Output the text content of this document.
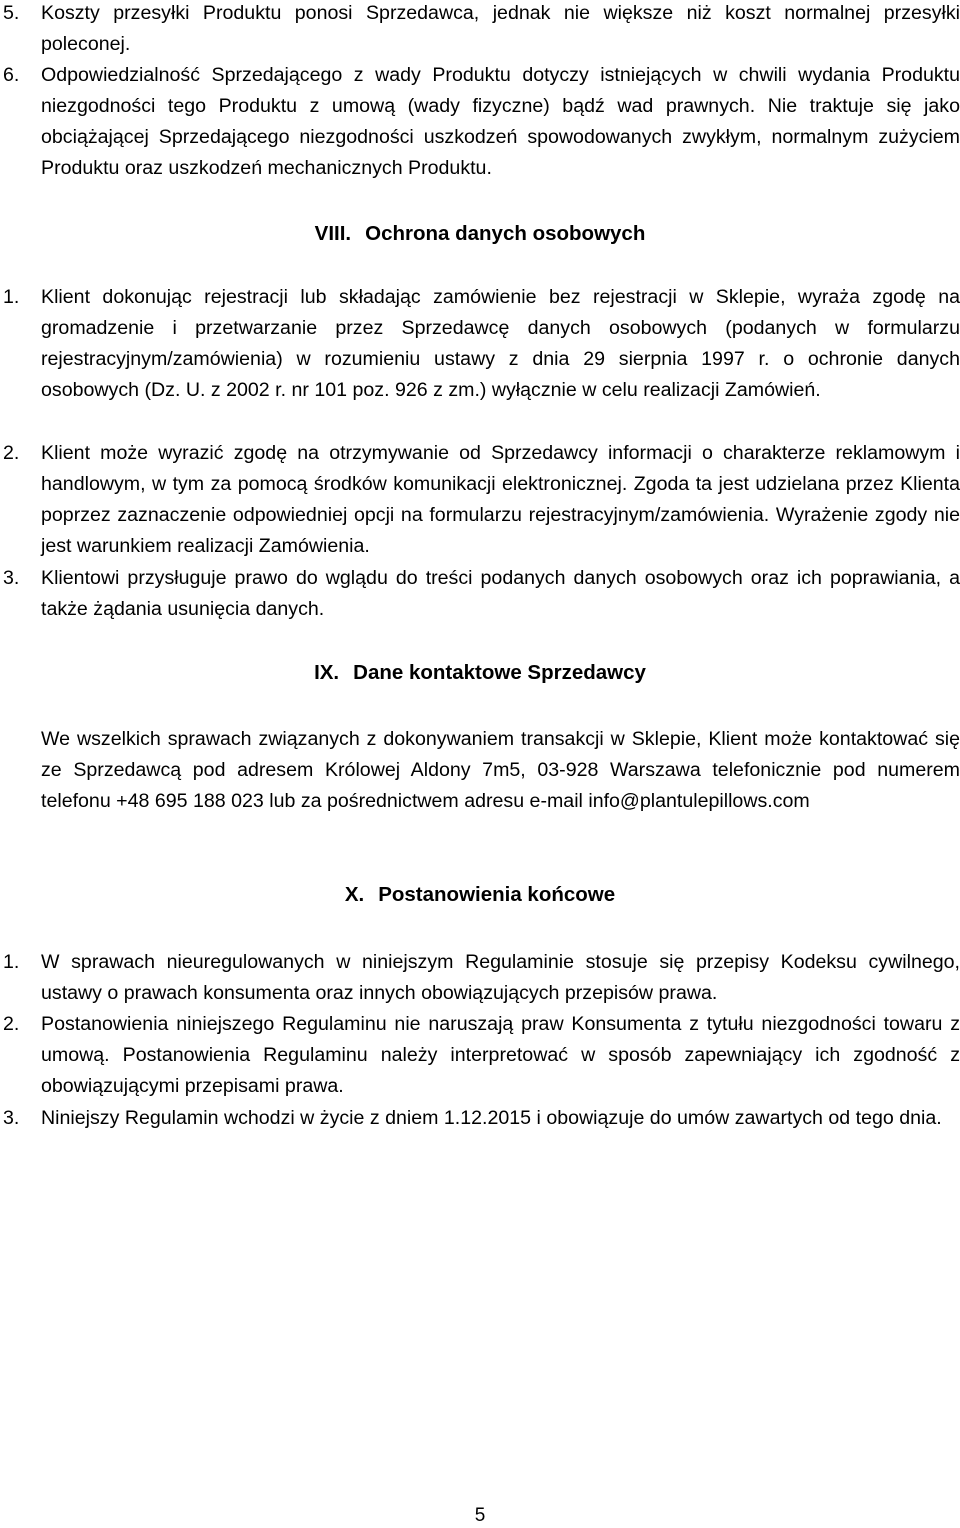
5. Koszty przesyłki Produktu ponosi Sprzedawca, jednak nie większe niż koszt normalnej przesyłki poleconej.
6. Odpowiedzialność Sprzedającego z wady Produktu dotyczy istniejących w chwili wydania Produktu niezgodności tego Produktu z umową (wady fizyczne) bądź wad prawnych. Nie traktuje się jako obciążającej Sprzedającego niezgodności uszkodzeń spowodowanych zwykłym, normalnym zużyciem Produktu oraz uszkodzeń mechanicznych Produktu.
VIII. Ochrona danych osobowych
1. Klient dokonując rejestracji lub składając zamówienie bez rejestracji w Sklepie, wyraża zgodę na gromadzenie i przetwarzanie przez Sprzedawcę danych osobowych (podanych w formularzu rejestracyjnym/zamówienia) w rozumieniu ustawy z dnia 29 sierpnia 1997 r. o ochronie danych osobowych (Dz. U. z 2002 r. nr 101 poz. 926 z zm.) wyłącznie w celu realizacji Zamówień.
2. Klient może wyrazić zgodę na otrzymywanie od Sprzedawcy informacji o charakterze reklamowym i handlowym, w tym za pomocą środków komunikacji elektronicznej. Zgoda ta jest udzielana przez Klienta poprzez zaznaczenie odpowiedniej opcji na formularzu rejestracyjnym/zamówienia. Wyrażenie zgody nie jest warunkiem realizacji Zamówienia.
3. Klientowi przysługuje prawo do wglądu do treści podanych danych osobowych oraz ich poprawiania, a także żądania usunięcia danych.
IX. Dane kontaktowe Sprzedawcy
We wszelkich sprawach związanych z dokonywaniem transakcji w Sklepie, Klient może kontaktować się ze Sprzedawcą pod adresem Królowej Aldony 7m5, 03-928 Warszawa telefonicznie pod numerem telefonu +48 695 188 023 lub za pośrednictwem adresu e-mail info@plantulepillows.com
X. Postanowienia końcowe
1. W sprawach nieuregulowanych w niniejszym Regulaminie stosuje się przepisy Kodeksu cywilnego, ustawy o prawach konsumenta oraz innych obowiązujących przepisów prawa.
2. Postanowienia niniejszego Regulaminu nie naruszają praw Konsumenta z tytułu niezgodności towaru z umową. Postanowienia Regulaminu należy interpretować w sposób zapewniający ich zgodność z obowiązującymi przepisami prawa.
3. Niniejszy Regulamin wchodzi w życie z dniem 1.12.2015 i obowiązuje do umów zawartych od tego dnia.
5
